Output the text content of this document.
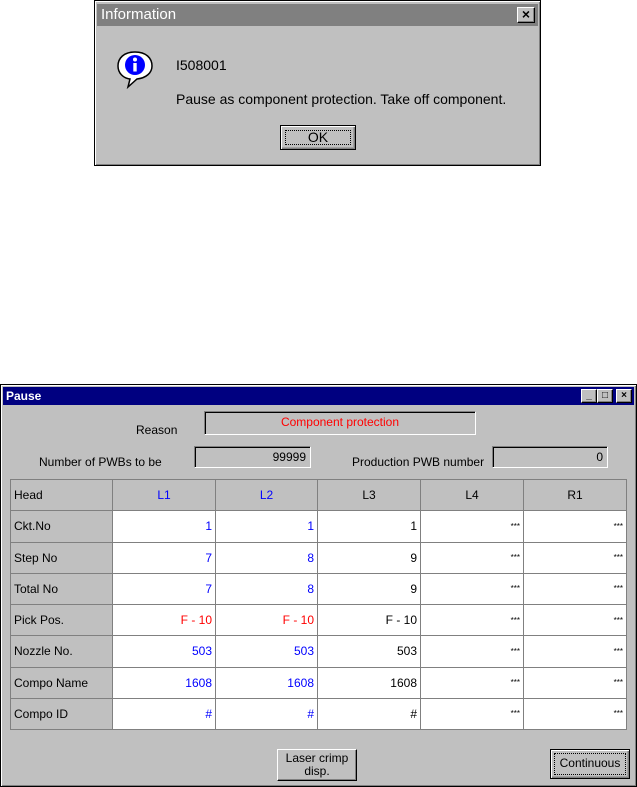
Information	×
I508001
Pause as component protection. Take off component.
OK
Pause	_	□	×
Reason
Component protection
Number of PWBs to be	99999	Production PWB number	0
Head	L1	L2	L3	L4	R1
Ckt.No	1	1	1	***	***
Step No	7	8	9	***	***
Total No	7	8	9	***	***
Pick Pos.	F - 10	F - 10	F - 10	***	***
Nozzle No.	503	503	503	***	***
Compo Name	1608	1608	1608	***	***
Compo ID	#	#	#	***	***
Laser crimp
disp.
Continuous
